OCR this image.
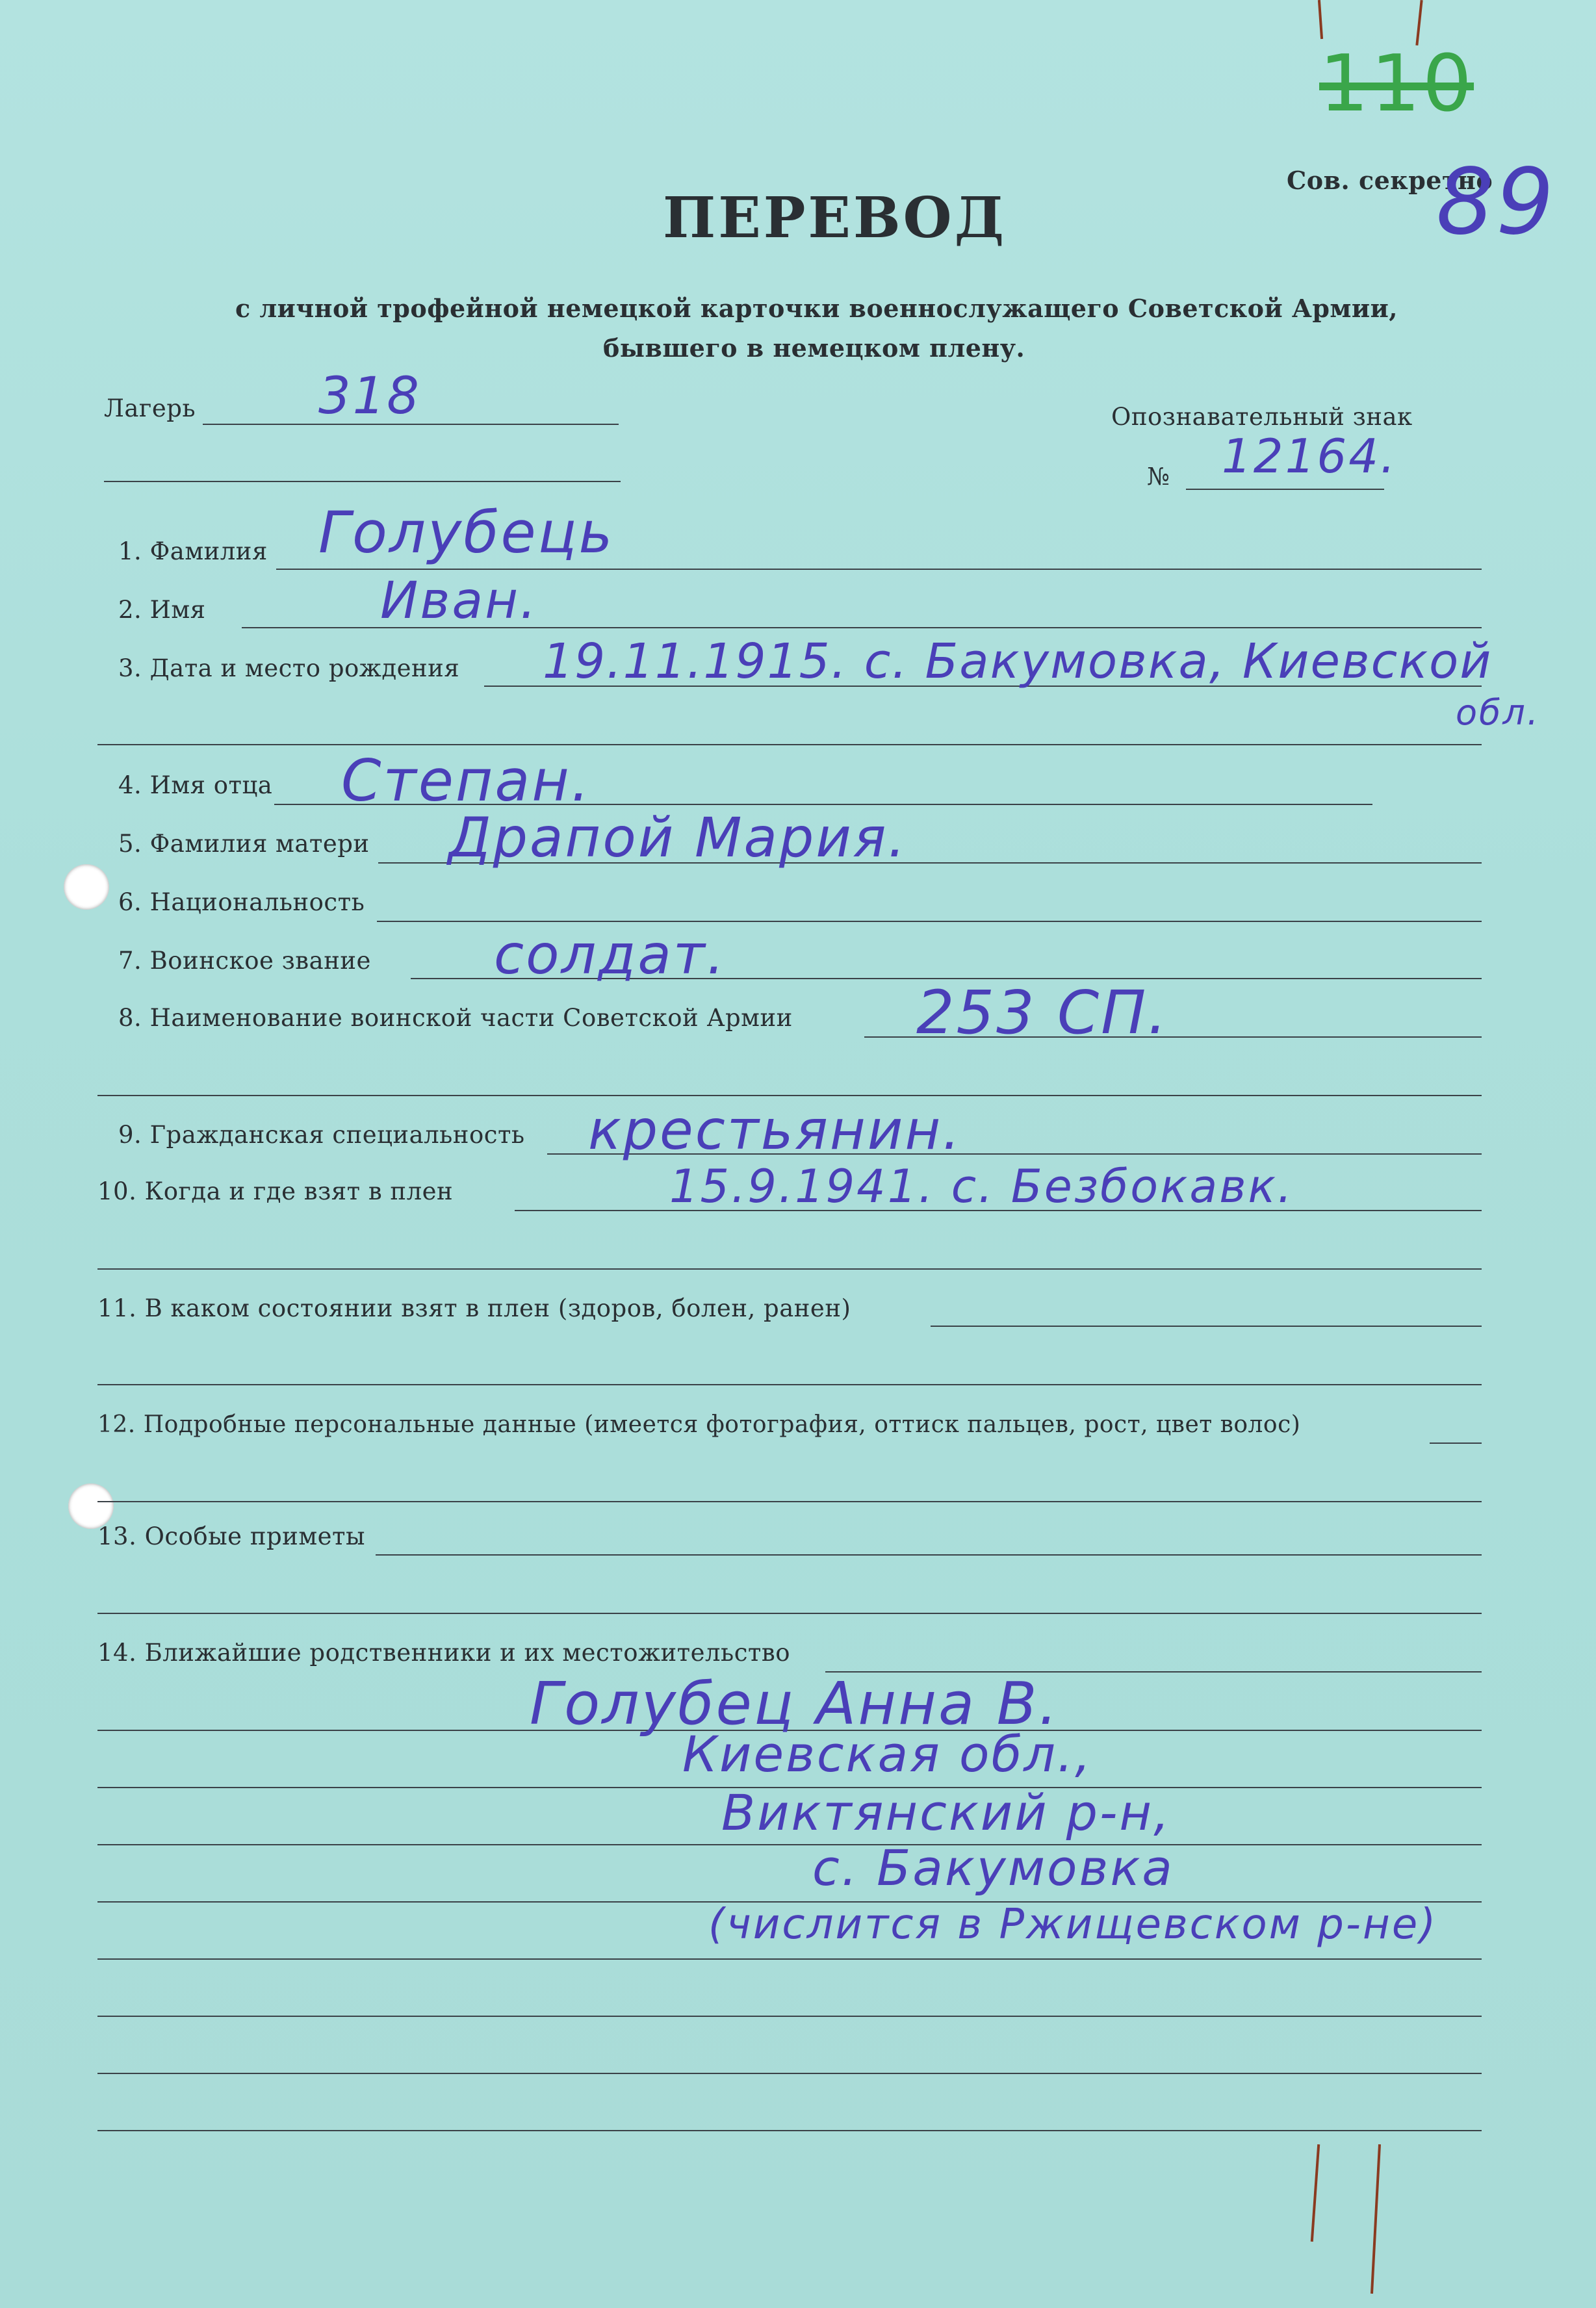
110
Сов. секретно
89
ПЕРЕВОД
с личной трофейной немецкой карточки военнослужащего Советской Армии,
бывшего в немецком плену.
Лагерь 318	Опознавательный знак
№ 12164.
1. Фамилия Голубець
2. Имя	Иван.
3. Дата и место рождения 19.11.1915. с. Бакумовка, Киевской
обл.
4. Имя отца Степан.
5. Фамилия матери Драпой Мария.
6. Национальность
7. Воинское звание солдат.
8. Наименование воинской части Советской Армии 253 СП.
9. Гражданская специальность крестьянин.
10. Когда и где взят в плен	15.9.1941. с. Безбокавк.
11. В каком состоянии взят в плен (здоров, болен, ранен)
12. Подробные персональные данные (имеется фотография, оттиск пальцев, рост, цвет волос)
13. Особые приметы
14. Ближайшие родственники и их местожительство
Голубец Анна В.
Киевская обл.,
Виктянский р-н,
с. Бакумовка
(числится в Ржищевском р-не)
